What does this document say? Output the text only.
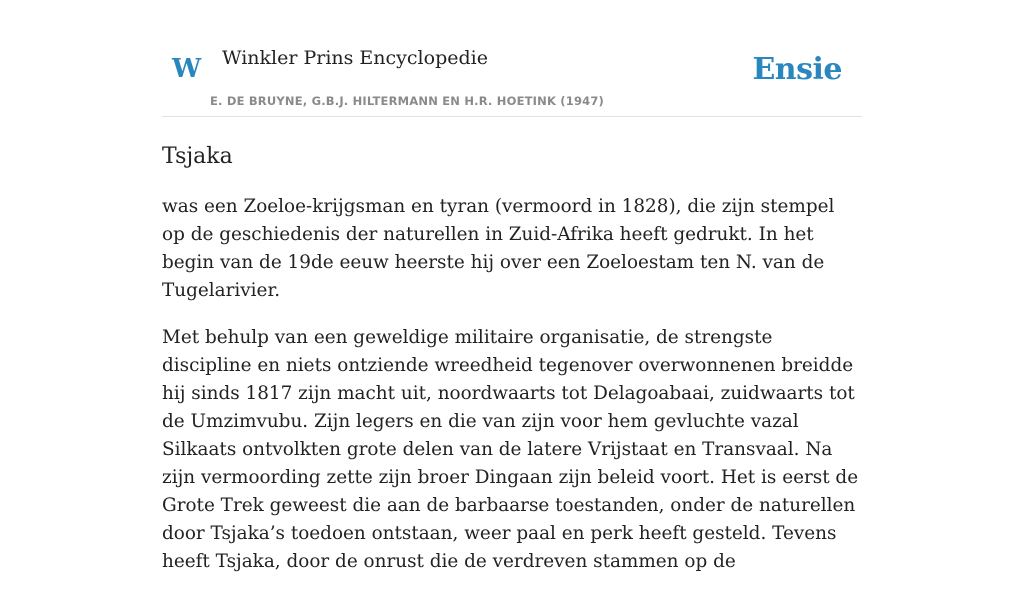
W Winkler Prins Encyclopedie
E. DE BRUYNE, G.B.J. HILTERMANN EN H.R. HOETINK (1947)
Ensie
Tsjaka

was een Zoeloe-krijgsman en tyran (vermoord in 1828), die zijn stempel op de geschiedenis der naturellen in Zuid-Afrika heeft gedrukt. In het begin van de 19de eeuw heerste hij over een Zoeloestam ten N. van de Tugelarivier.

Met behulp van een geweldige militaire organisatie, de strengste discipline en niets ontziende wreedheid tegenover overwonnenen breidde hij sinds 1817 zijn macht uit, noordwaarts tot Delagoabaai, zuidwaarts tot de Umzimvubu. Zijn legers en die van zijn voor hem gevluchte vazal Silkaats ontvolkten grote delen van de latere Vrijstaat en Transvaal. Na zijn vermoording zette zijn broer Dingaan zijn beleid voort. Het is eerst de Grote Trek geweest die aan de barbaarse toestanden, onder de naturellen door Tsjaka’s toedoen ontstaan, weer paal en perk heeft gesteld. Tevens heeft Tsjaka, door de onrust die de verdreven stammen op de
